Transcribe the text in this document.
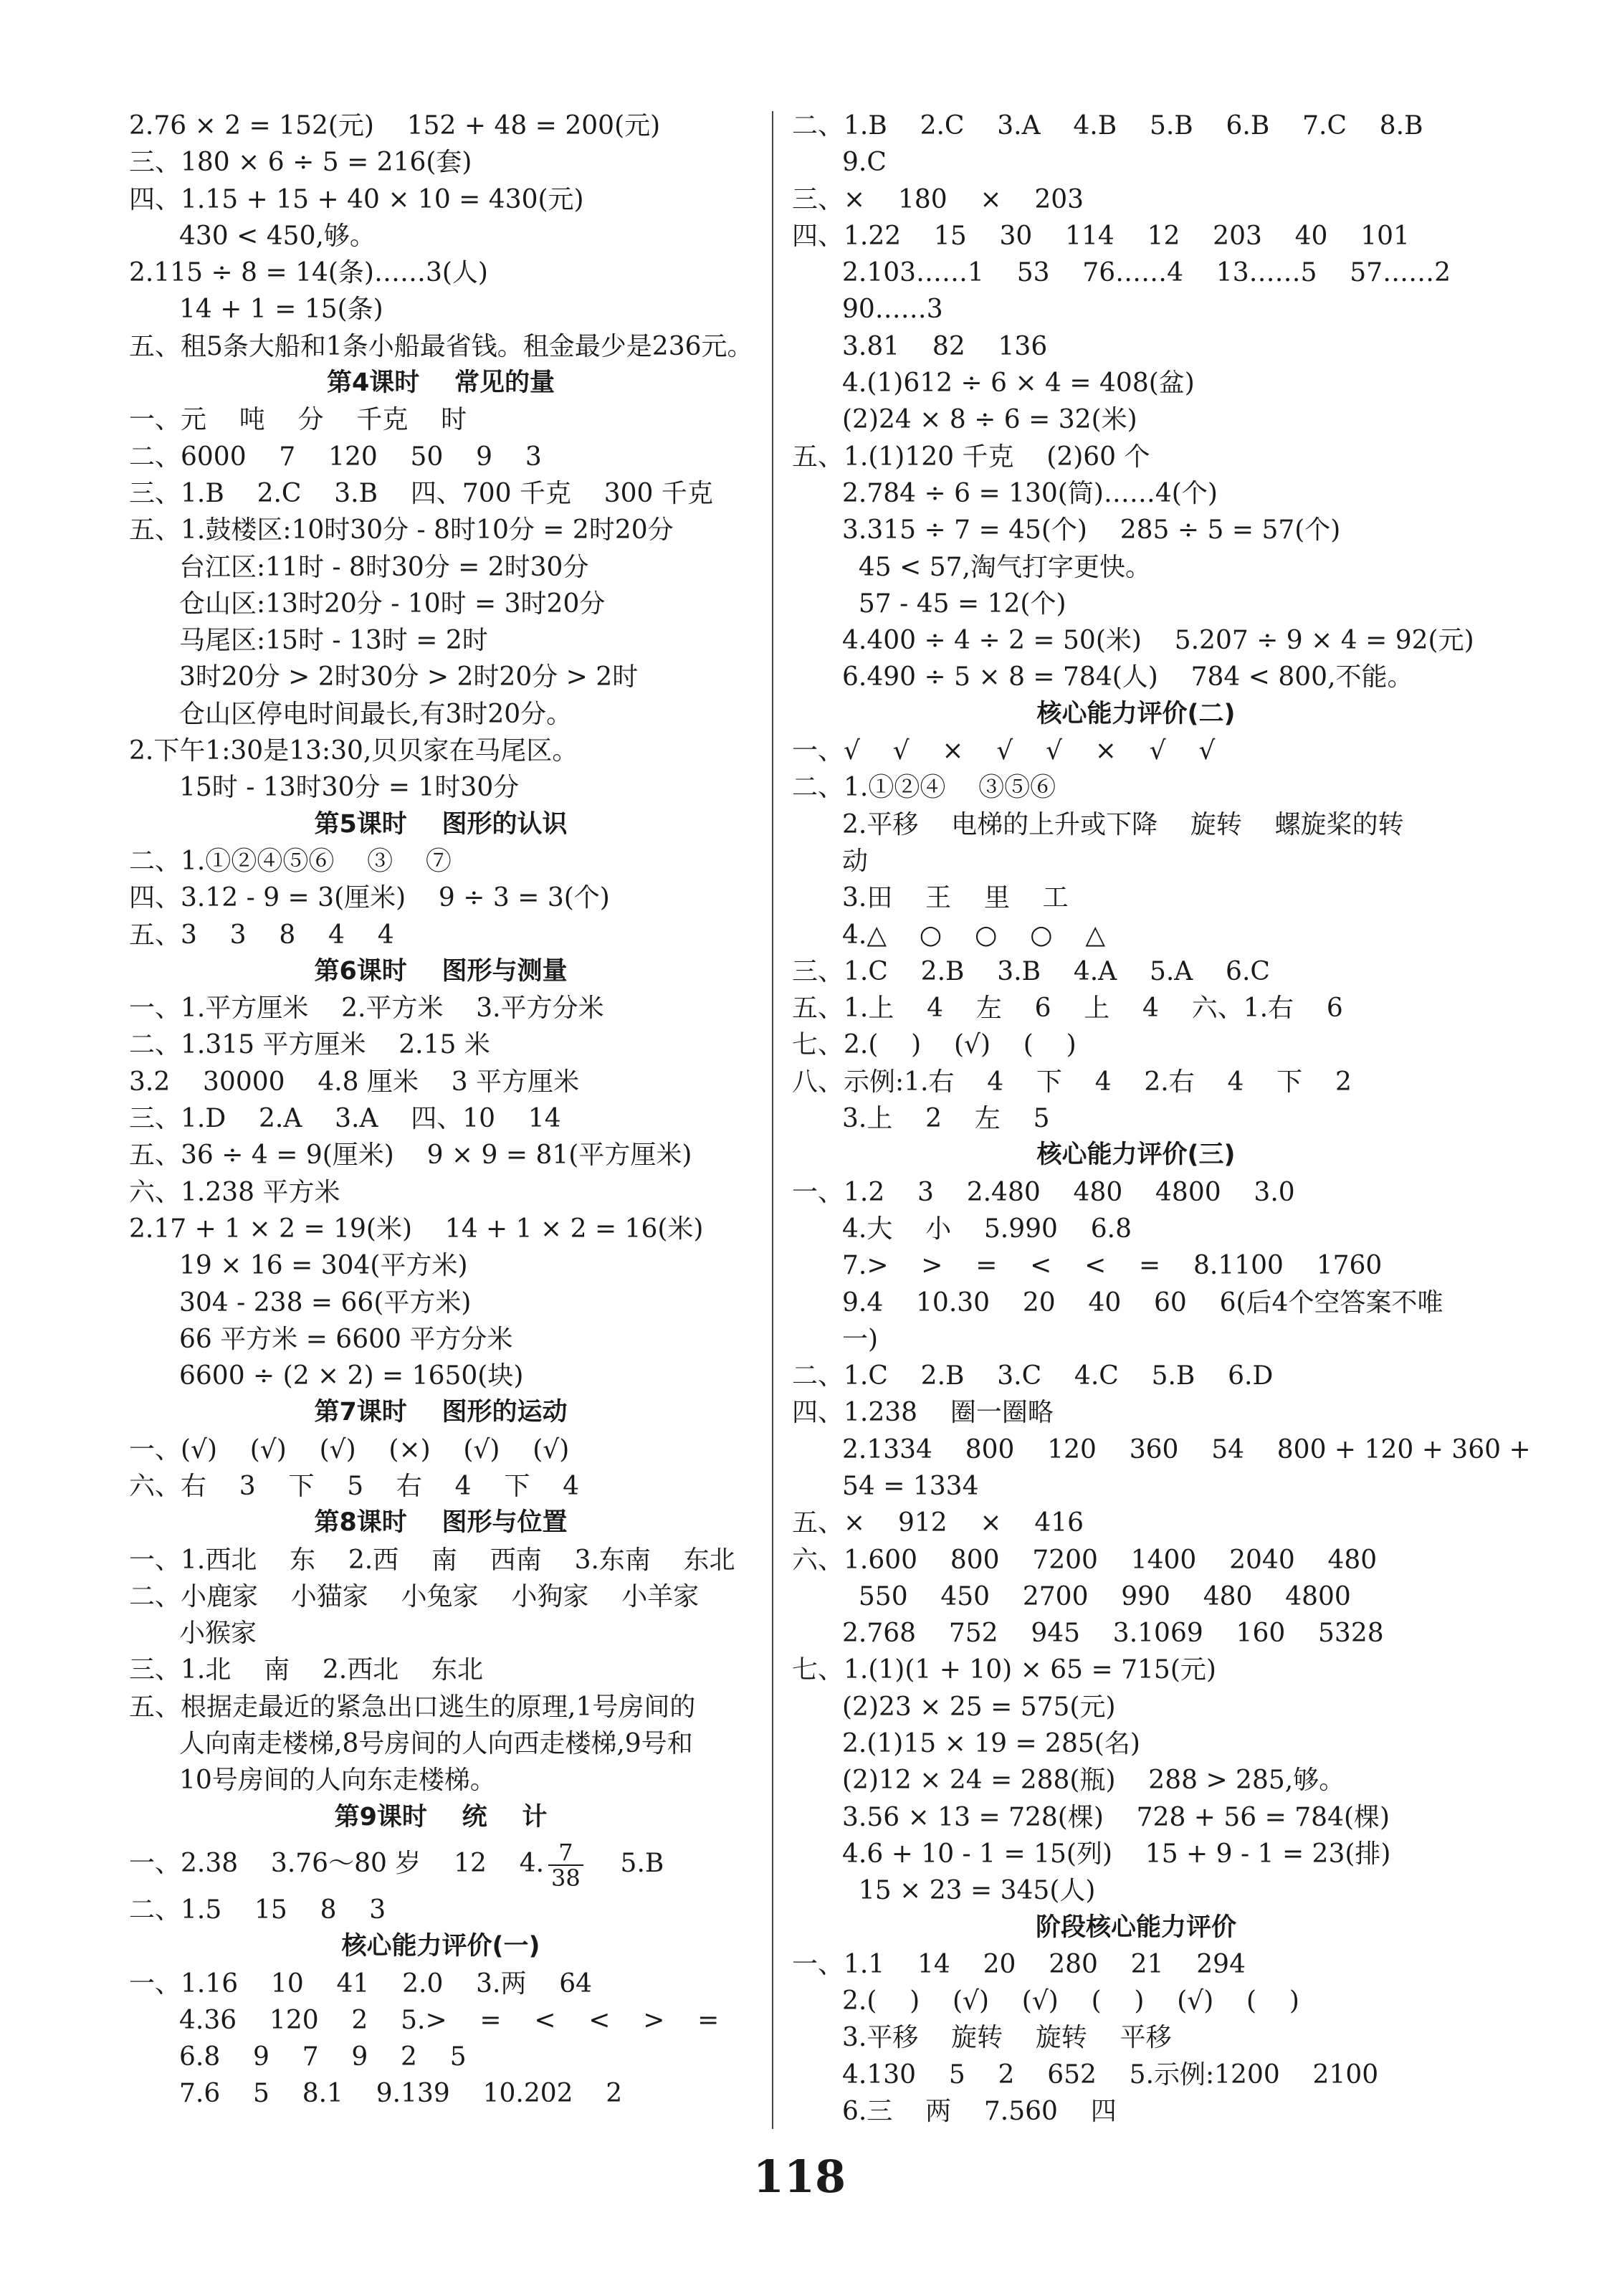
2.76 × 2 = 152(元)    152 + 48 = 200(元)
三、180 × 6 ÷ 5 = 216(套)
四、1.15 + 15 + 40 × 10 = 430(元)
430 < 450,够。
2.115 ÷ 8 = 14(条)……3(人)
14 + 1 = 15(条)
五、租5条大船和1条小船最省钱。租金最少是236元。
第4课时    常见的量
一、元    吨    分    千克    时
二、6000    7    120    50    9    3
三、1.B    2.C    3.B    四、700 千克    300 千克
五、1.鼓楼区:10时30分 - 8时10分 = 2时20分
台江区:11时 - 8时30分 = 2时30分
仓山区:13时20分 - 10时 = 3时20分
马尾区:15时 - 13时 = 2时
3时20分 > 2时30分 > 2时20分 > 2时
仓山区停电时间最长,有3时20分。
2.下午1:30是13:30,贝贝家在马尾区。
15时 - 13时30分 = 1时30分
第5课时    图形的认识
二、1.①②④⑤⑥    ③    ⑦
四、3.12 - 9 = 3(厘米)    9 ÷ 3 = 3(个)
五、3    3    8    4    4
第6课时    图形与测量
一、1.平方厘米    2.平方米    3.平方分米
二、1.315 平方厘米    2.15 米
3.2    30000    4.8 厘米    3 平方厘米
三、1.D    2.A    3.A    四、10    14
五、36 ÷ 4 = 9(厘米)    9 × 9 = 81(平方厘米)
六、1.238 平方米
2.17 + 1 × 2 = 19(米)    14 + 1 × 2 = 16(米)
19 × 16 = 304(平方米)
304 - 238 = 66(平方米)
66 平方米 = 6600 平方分米
6600 ÷ (2 × 2) = 1650(块)
第7课时    图形的运动
一、(√)    (√)    (√)    (×)    (√)    (√)
六、右    3    下    5    右    4    下    4
第8课时    图形与位置
一、1.西北    东    2.西    南    西南    3.东南    东北
二、小鹿家    小猫家    小兔家    小狗家    小羊家
小猴家
三、1.北    南    2.西北    东北
五、根据走最近的紧急出口逃生的原理,1号房间的
人向南走楼梯,8号房间的人向西走楼梯,9号和
10号房间的人向东走楼梯。
第9课时    统    计
一、2.38    3.76～80 岁    12    4. $\frac{7}{38} 5.B$
二、1.5    15    8    3
核心能力评价(一)
一、1.16    10    41    2.0    3.两    64
4.36    120    2    5.>    =    <    <    >    =
6.8    9    7    9    2    5
7.6    5    8.1    9.139    10.202    2
二、1.B    2.C    3.A    4.B    5.B    6.B    7.C    8.B
9.C
三、×    180    ×    203
四、1.22    15    30    114    12    203    40    101
2.103……1    53    76……4    13……5    57……2
90……3
3.81    82    136
4.(1)612 ÷ 6 × 4 = 408(盆)
(2)24 × 8 ÷ 6 = 32(米)
五、1.(1)120 千克    (2)60 个
2.784 ÷ 6 = 130(筒)……4(个)
3.315 ÷ 7 = 45(个)    285 ÷ 5 = 57(个)
45 < 57,淘气打字更快。
57 - 45 = 12(个)
4.400 ÷ 4 ÷ 2 = 50(米)    5.207 ÷ 9 × 4 = 92(元)
6.490 ÷ 5 × 8 = 784(人)    784 < 800,不能。
核心能力评价(二)
一、√    √    ×    √    √    ×    √    √
二、1.①②④    ③⑤⑥
2.平移    电梯的上升或下降    旋转    螺旋桨的转
动
3.田    王    里    工
4.△    ○    ○    ○    △
三、1.C    2.B    3.B    4.A    5.A    6.C
五、1.上    4    左    6    上    4    六、1.右    6
七、2.(    )    (√)    (    )
八、示例:1.右    4    下    4    2.右    4    下    2
3.上    2    左    5
核心能力评价(三)
一、1.2    3    2.480    480    4800    3.0
4.大    小    5.990    6.8
7.>    >    =    <    <    =    8.1100    1760
9.4    10.30    20    40    60    6(后4个空答案不唯
一)
二、1.C    2.B    3.C    4.C    5.B    6.D
四、1.238    圈一圈略
2.1334    800    120    360    54    800 + 120 + 360 +
54 = 1334
五、×    912    ×    416
六、1.600    800    7200    1400    2040    480
550    450    2700    990    480    4800
2.768    752    945    3.1069    160    5328
七、1.(1)(1 + 10) × 65 = 715(元)
(2)23 × 25 = 575(元)
2.(1)15 × 19 = 285(名)
(2)12 × 24 = 288(瓶)    288 > 285,够。
3.56 × 13 = 728(棵)    728 + 56 = 784(棵)
4.6 + 10 - 1 = 15(列)    15 + 9 - 1 = 23(排)
15 × 23 = 345(人)
阶段核心能力评价
一、1.1    14    20    280    21    294
2.(    )    (√)    (√)    (    )    (√)    (    )
3.平移    旋转    旋转    平移
4.130    5    2    652    5.示例:1200    2100
6.三    两    7.560    四
118
